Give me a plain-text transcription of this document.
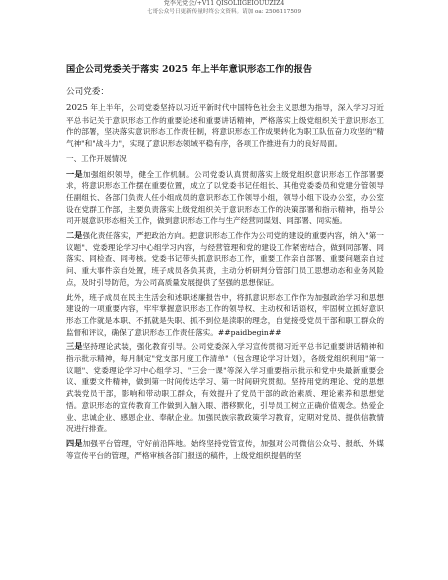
党李光党会/+V11 QISOLIIGEIOUUZIZ4
七哥公众号日更新传量时终公文资料。请加 oa: 2506117509
国企公司党委关于落实 2025 年上半年意识形态工作的报告
公司党委：

2025 年上半年，公司党委坚持以习近平新时代中国特色社会主义思想为指导，深入学习习近平总书记关于意识形态工作的重要论述和重要讲话精神，严格落实上级党组织关于意识形态工作的部署，坚决落实意识形态工作责任制，将意识形态工作成果转化为职工队伍奋力攻坚的"精气神"和"战斗力"，实现了意识形态领域平稳有序，各项工作推进有力的良好局面。

一、工作开展情况

一是加强组织领导，健全工作机制。公司党委认真贯彻落实上级党组织意识形态工作部署要求，将意识形态工作摆在重要位置，成立了以党委书记任组长、其他党委委员和党建分管领导任副组长、各部门负责人任小组成员的意识形态工作领导小组，领导小组下设办公室，办公室设在党群工作部，主要负责落实上级党组织关于意识形态工作的决策部署和指示精神，指导公司开展意识形态相关工作，做到意识形态工作与生产经营同谋划、同部署、同实施。

二是强化责任落实，严把政治方向。把意识形态工作作为公司党的建设的重要内容，纳入"第一议题"、党委理论学习中心组学习内容，与经营管理和党的建设工作紧密结合，做到同部署、同落实、同检查、同考核。党委书记带头抓意识形态工作，重要工作亲自部署、重要问题亲自过问、重大事件亲自处置，班子成员各负其责，主动分析研判分管部门员工思想动态和业务风险点，及时引导防范，为公司高质量发展提供了坚强的思想保证。

此外，班子成员在民主生活会和述职述廉报告中，将抓意识形态工作作为加强政治学习和思想建设的一项重要内容，牢牢掌握意识形态工作的领导权、主动权和话语权，牢固树立抓好意识形态工作就是本职、不抓就是失职、抓不到位是渎职的理念，自觉接受党员干部和职工群众的监督和评议，确保了意识形态工作责任落实。##paidbegin##

三是坚持理论武装，强化教育引导。公司党委深入学习宣传贯彻习近平总书记重要讲话精神和指示批示精神，每月制定"党支部月度工作清单"（包含理论学习计划），各级党组织利用"第一议题"、党委理论学习中心组学习、"三会一课"等深入学习重要指示批示和党中央最新重要会议、重要文件精神，做到第一时间传达学习、第一时间研究贯彻。坚持用党的理论、党的思想武装党员干部，影响和带动职工群众，有效提升了党员干部的政治素质、理论素养和思想觉悟。意识形态的宣传教育工作做到入脑入眼、潜移默化，引导员工树立正确价值观念。热爱企业、忠诚企业、感恩企业、奉献企业。加强民族宗教政策学习教育，定期对党员、提供信教情况进行排查。

四是加强平台管理，守好前沿阵地。始终坚持党管宣传，加强对公司微信公众号、报纸、外媒等宣传平台的管理，严格审核各部门报送的稿件，上级党组织提倡的坚
